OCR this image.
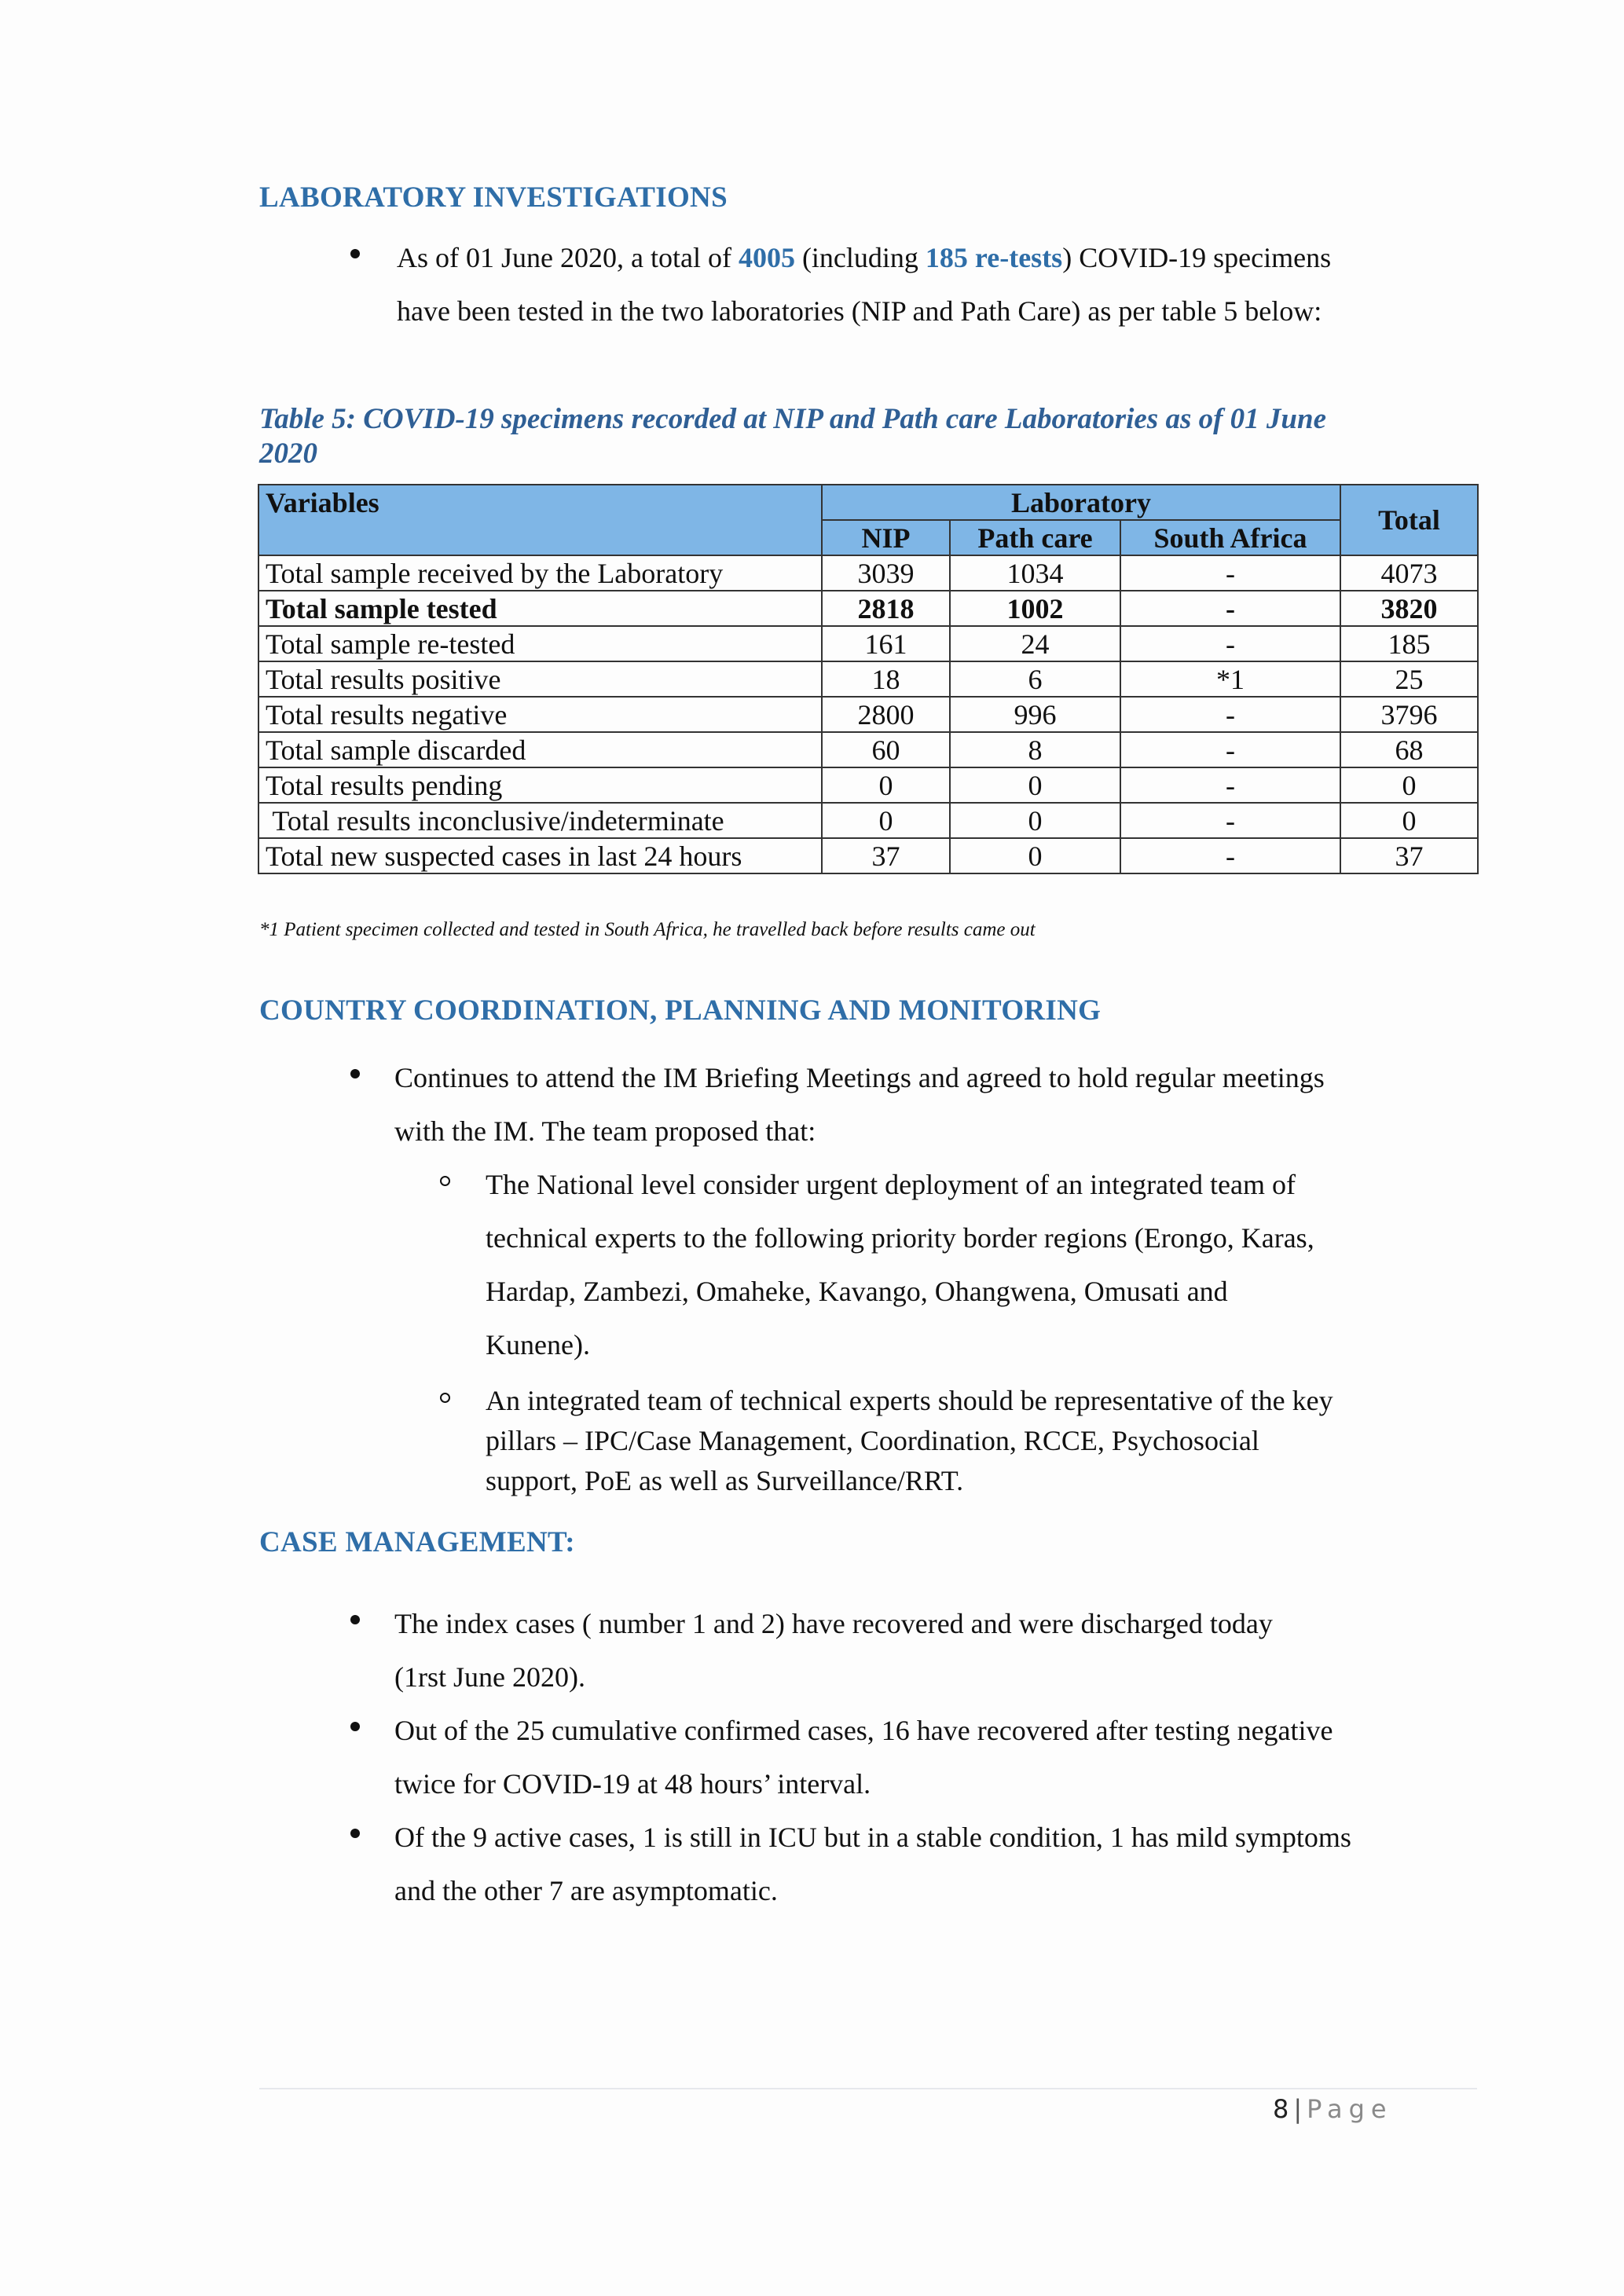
LABORATORY INVESTIGATIONS

As of 01 June 2020, a total of 4005 (including 185 re-tests) COVID-19 specimens
have been tested in the two laboratories (NIP and Path Care) as per table 5 below:

Table 5: COVID-19 specimens recorded at NIP and Path care Laboratories as of 01 June
2020
Variables	Laboratory			Total
	NIP	Path care	South Africa	
Total sample received by the Laboratory	3039	1034	-	4073
Total sample tested	2818	1002	-	3820
Total sample re-tested	161	24	-	185
Total results positive	18	6	*1	25
Total results negative	2800	996	-	3796
Total sample discarded	60	8	-	68
Total results pending	0	0	-	0
Total results inconclusive/indeterminate	0	0	-	0
Total new suspected cases in last 24 hours	37	0	-	37
*1 Patient specimen collected and tested in South Africa, he travelled back before results came out
COUNTRY COORDINATION, PLANNING AND MONITORING

Continues to attend the IM Briefing Meetings and agreed to hold regular meetings
with the IM. The team proposed that:

The National level consider urgent deployment of an integrated team of
technical experts to the following priority border regions (Erongo, Karas,
Hardap, Zambezi, Omaheke, Kavango, Ohangwena, Omusati and
Kunene).

An integrated team of technical experts should be representative of the key
pillars – IPC/Case Management, Coordination, RCCE, Psychosocial
support, PoE as well as Surveillance/RRT.

CASE MANAGEMENT:

The index cases ( number 1 and 2) have recovered and were discharged today
(1rst June 2020).

Out of the 25 cumulative confirmed cases, 16 have recovered after testing negative
twice for COVID-19 at 48 hours’ interval.

Of the 9 active cases, 1 is still in ICU but in a stable condition, 1 has mild symptoms
and the other 7 are asymptomatic.

8 | Page
